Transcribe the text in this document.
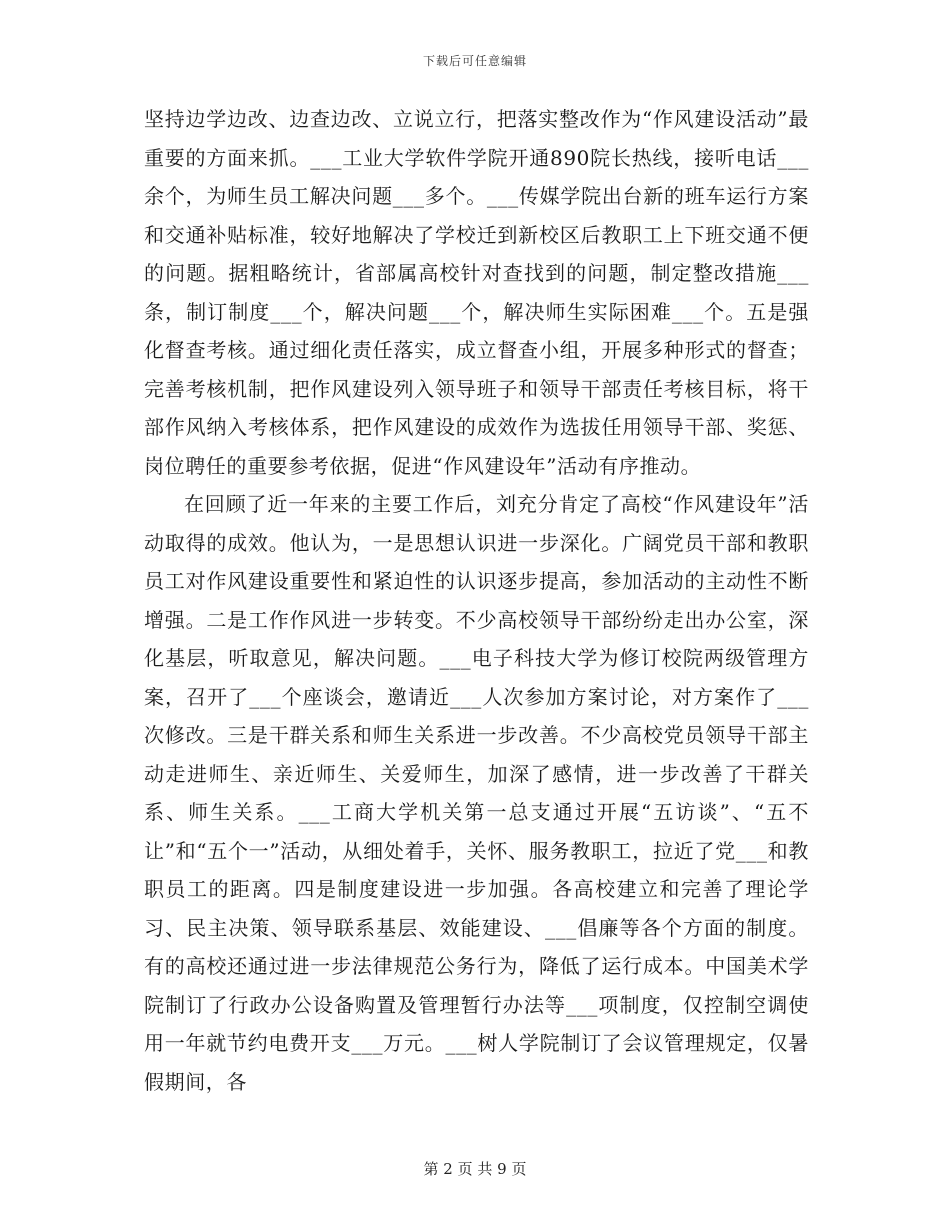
下载后可任意编辑

坚持边学边改、边查边改、立说立行，把落实整改作为“作风建设活动”最重要的方面来抓。___工业大学软件学院开通890院长热线，接听电话___余个，为师生员工解决问题___多个。___传媒学院出台新的班车运行方案和交通补贴标准，较好地解决了学校迁到新校区后教职工上下班交通不便的问题。据粗略统计，省部属高校针对查找到的问题，制定整改措施___条，制订制度___个，解决问题___个，解决师生实际困难___个。五是强化督查考核。通过细化责任落实，成立督查小组，开展多种形式的督查；完善考核机制，把作风建设列入领导班子和领导干部责任考核目标，将干部作风纳入考核体系，把作风建设的成效作为选拔任用领导干部、奖惩、岗位聘任的重要参考依据，促进“作风建设年”活动有序推动。

在回顾了近一年来的主要工作后，刘充分肯定了高校“作风建设年”活动取得的成效。他认为，一是思想认识进一步深化。广阔党员干部和教职员工对作风建设重要性和紧迫性的认识逐步提高，参加活动的主动性不断增强。二是工作作风进一步转变。不少高校领导干部纷纷走出办公室，深化基层，听取意见，解决问题。___电子科技大学为修订校院两级管理方案，召开了___个座谈会，邀请近___人次参加方案讨论，对方案作了___次修改。三是干群关系和师生关系进一步改善。不少高校党员领导干部主动走进师生、亲近师生、关爱师生，加深了感情，进一步改善了干群关系、师生关系。___工商大学机关第一总支通过开展“五访谈”、“五不让”和“五个一”活动，从细处着手，关怀、服务教职工，拉近了党___和教职员工的距离。四是制度建设进一步加强。各高校建立和完善了理论学习、民主决策、领导联系基层、效能建设、___倡廉等各个方面的制度。有的高校还通过进一步法律规范公务行为，降低了运行成本。中国美术学院制订了行政办公设备购置及管理暂行办法等___项制度，仅控制空调使用一年就节约电费开支___万元。___树人学院制订了会议管理规定，仅暑假期间，各

第 2 页 共 9 页
